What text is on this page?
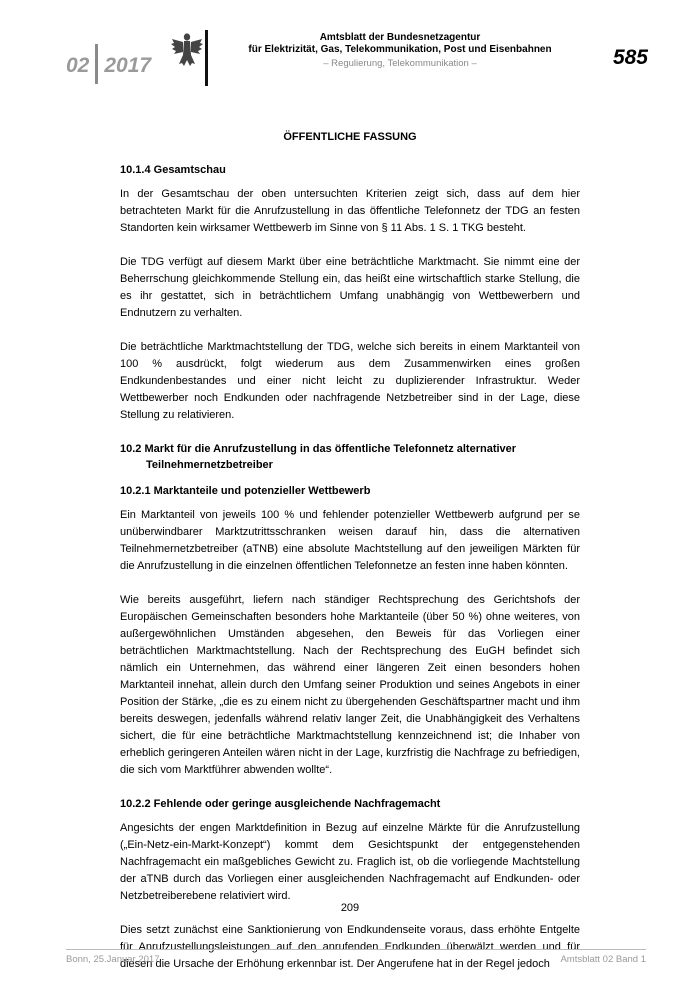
02 2017
Amtsblatt der Bundesnetzagentur
für Elektrizität, Gas, Telekommunikation, Post und Eisenbahnen
– Regulierung, Telekommunikation –	585
ÖFFENTLICHE FASSUNG
10.1.4 Gesamtschau

In der Gesamtschau der oben untersuchten Kriterien zeigt sich, dass auf dem hier betrachteten Markt für die Anrufzustellung in das öffentliche Telefonnetz der TDG an festen Standorten kein wirksamer Wettbewerb im Sinne von § 11 Abs. 1 S. 1 TKG besteht.

Die TDG verfügt auf diesem Markt über eine beträchtliche Marktmacht. Sie nimmt eine der Beherrschung gleichkommende Stellung ein, das heißt eine wirtschaftlich starke Stellung, die es ihr gestattet, sich in beträchtlichem Umfang unabhängig von Wettbewerbern und Endnutzern zu verhalten.

Die beträchtliche Marktmachtstellung der TDG, welche sich bereits in einem Marktanteil von 100 % ausdrückt, folgt wiederum aus dem Zusammenwirken eines großen Endkundenbestandes und einer nicht leicht zu duplizierender Infrastruktur. Weder Wettbewerber noch Endkunden oder nachfragende Netzbetreiber sind in der Lage, diese Stellung zu relativieren.

10.2 Markt für die Anrufzustellung in das öffentliche Telefonnetz alternativer Teilnehmernetzbetreiber
10.2.1 Marktanteile und potenzieller Wettbewerb

Ein Marktanteil von jeweils 100 % und fehlender potenzieller Wettbewerb aufgrund per se unüberwindbarer Marktzutrittsschranken weisen darauf hin, dass die alternativen Teilnehmernetzbetreiber (aTNB) eine absolute Machtstellung auf den jeweiligen Märkten für die Anrufzustellung in die einzelnen öffentlichen Telefonnetze an festen inne haben könnten.

Wie bereits ausgeführt, liefern nach ständiger Rechtsprechung des Gerichtshofs der Europäischen Gemeinschaften besonders hohe Marktanteile (über 50 %) ohne weiteres, von außergewöhnlichen Umständen abgesehen, den Beweis für das Vorliegen einer beträchtlichen Marktmachtstellung. Nach der Rechtsprechung des EuGH befindet sich nämlich ein Unternehmen, das während einer längeren Zeit einen besonders hohen Marktanteil innehat, allein durch den Umfang seiner Produktion und seines Angebots in einer Position der Stärke, „die es zu einem nicht zu übergehenden Geschäftspartner macht und ihm bereits deswegen, jedenfalls während relativ langer Zeit, die Unabhängigkeit des Verhaltens sichert, die für eine beträchtliche Marktmachtstellung kennzeichnend ist; die Inhaber von erheblich geringeren Anteilen wären nicht in der Lage, kurzfristig die Nachfrage zu befriedigen, die sich vom Marktführer abwenden wollte“.

10.2.2 Fehlende oder geringe ausgleichende Nachfragemacht

Angesichts der engen Marktdefinition in Bezug auf einzelne Märkte für die Anrufzustellung („Ein-Netz-ein-Markt-Konzept“) kommt dem Gesichtspunkt der entgegenstehenden Nachfragemacht ein maßgebliches Gewicht zu. Fraglich ist, ob die vorliegende Machtstellung der aTNB durch das Vorliegen einer ausgleichenden Nachfragemacht auf Endkunden- oder Netzbetreiberebene relativiert wird.

Dies setzt zunächst eine Sanktionierung von Endkundenseite voraus, dass erhöhte Entgelte für Anrufzustellungsleistungen auf den anrufenden Endkunden überwälzt werden und für diesen die Ursache der Erhöhung erkennbar ist. Der Angerufene hat in der Regel jedoch

209
Bonn, 25.Januar 2017	Amtsblatt 02 Band 1
